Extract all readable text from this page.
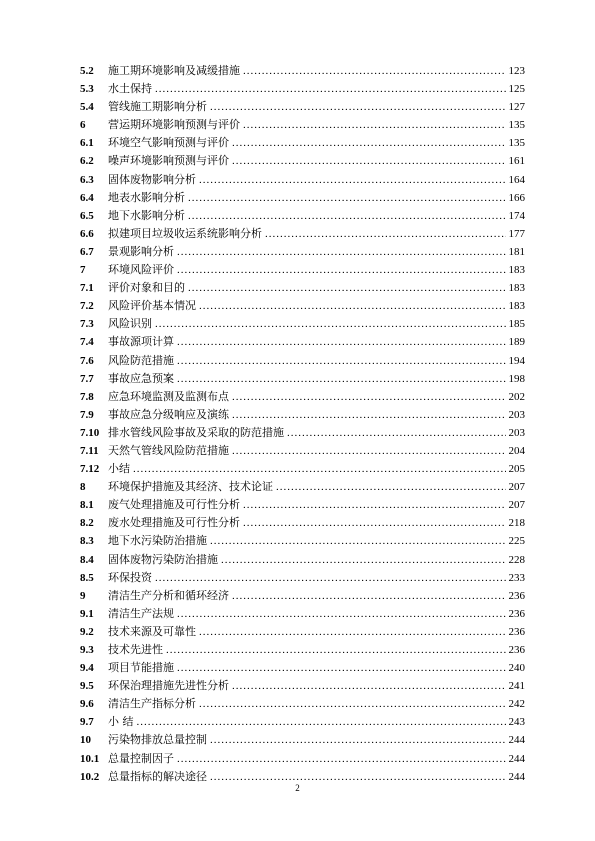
5.2	施工期环境影响及减缓措施 .....	123
5.3	水土保持 .....	125
5.4	管线施工期影响分析 .....	127
6	营运期环境影响预测与评价 .....	135
6.1	环境空气影响预测与评价 .....	135
6.2	噪声环境影响预测与评价 .....	161
6.3	固体废物影响分析 .....	164
6.4	地表水影响分析 .....	166
6.5	地下水影响分析 .....	174
6.6	拟建项目垃圾收运系统影响分析 .....	177
6.7	景观影响分析 .....	181
7	环境风险评价 .....	183
7.1	评价对象和目的 .....	183
7.2	风险评价基本情况 .....	183
7.3	风险识别 .....	185
7.4	事故源项计算 .....	189
7.6	风险防范措施 .....	194
7.7	事故应急预案 .....	198
7.8	应急环境监测及监测布点 .....	202
7.9	事故应急分级响应及演练 .....	203
7.10 排水管线风险事故及采取的防范措施 .....	203
7.11 天然气管线风险防范措施 .....	204
7.12 小结 .....	205
8	环境保护措施及其经济、技术论证 .....	207
8.1	废气处理措施及可行性分析 .....	207
8.2	废水处理措施及可行性分析 .....	218
8.3	地下水污染防治措施 .....	225
8.4	固体废物污染防治措施 .....	228
8.5	环保投资 .....	233
9	清洁生产分析和循环经济 .....	236
9.1	清洁生产法规 .....	236
9.2	技术来源及可靠性 .....	236
9.3	技术先进性 .....	236
9.4	项目节能措施 .....	240
9.5	环保治理措施先进性分析 .....	241
9.6	清洁生产指标分析 .....	242
9.7	小 结 .....	243
10	污染物排放总量控制 .....	244
10.1 总量控制因子 .....	244
10.2 总量指标的解决途径 .....	244
2
